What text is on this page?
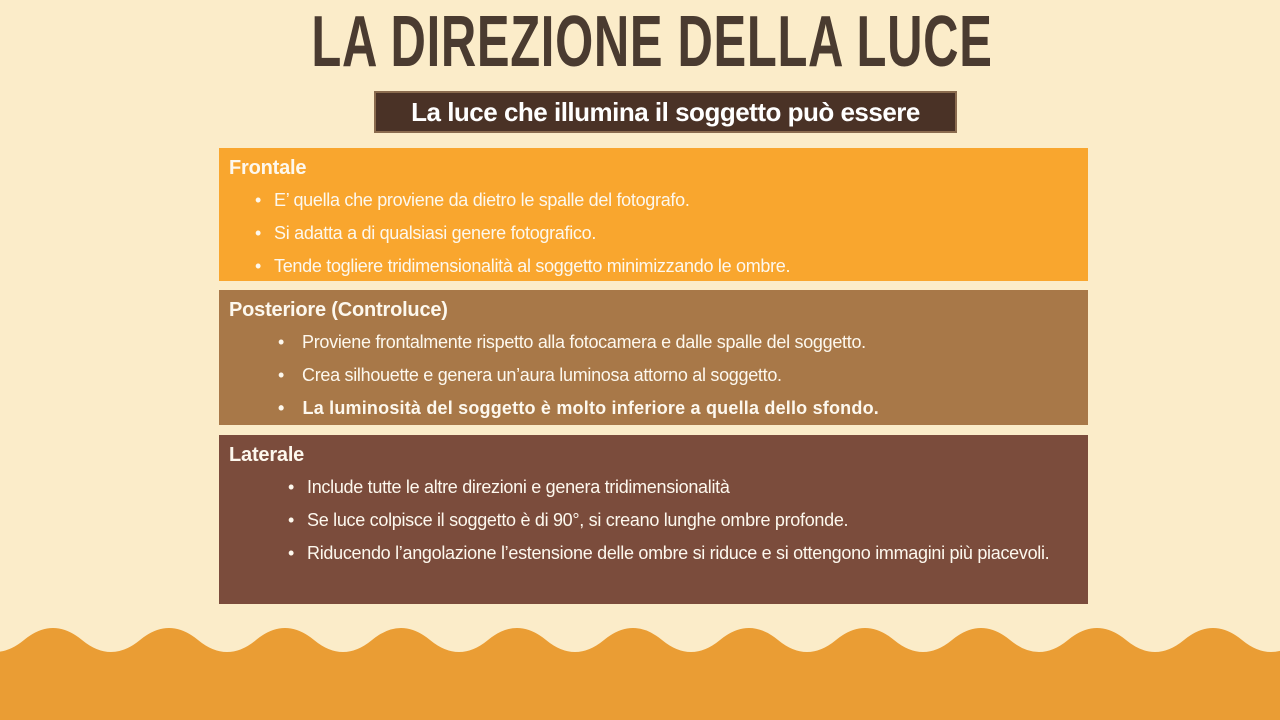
LA DIREZIONE DELLA LUCE
La luce che illumina il soggetto può essere
Frontale
• E’ quella che proviene da dietro le spalle del fotografo.
• Si adatta a di qualsiasi genere fotografico.
• Tende togliere tridimensionalità al soggetto minimizzando le ombre.
Posteriore (Controluce)
• Proviene frontalmente rispetto alla fotocamera e dalle spalle del soggetto.
• Crea silhouette e genera un’aura luminosa attorno al soggetto.
• La luminosità del soggetto è molto inferiore a quella dello sfondo.
Laterale
• Include tutte le altre direzioni e genera tridimensionalità
• Se luce colpisce il soggetto è di 90°, si creano lunghe ombre profonde.
• Riducendo l’angolazione l’estensione delle ombre si riduce e si ottengono immagini più piacevoli.
